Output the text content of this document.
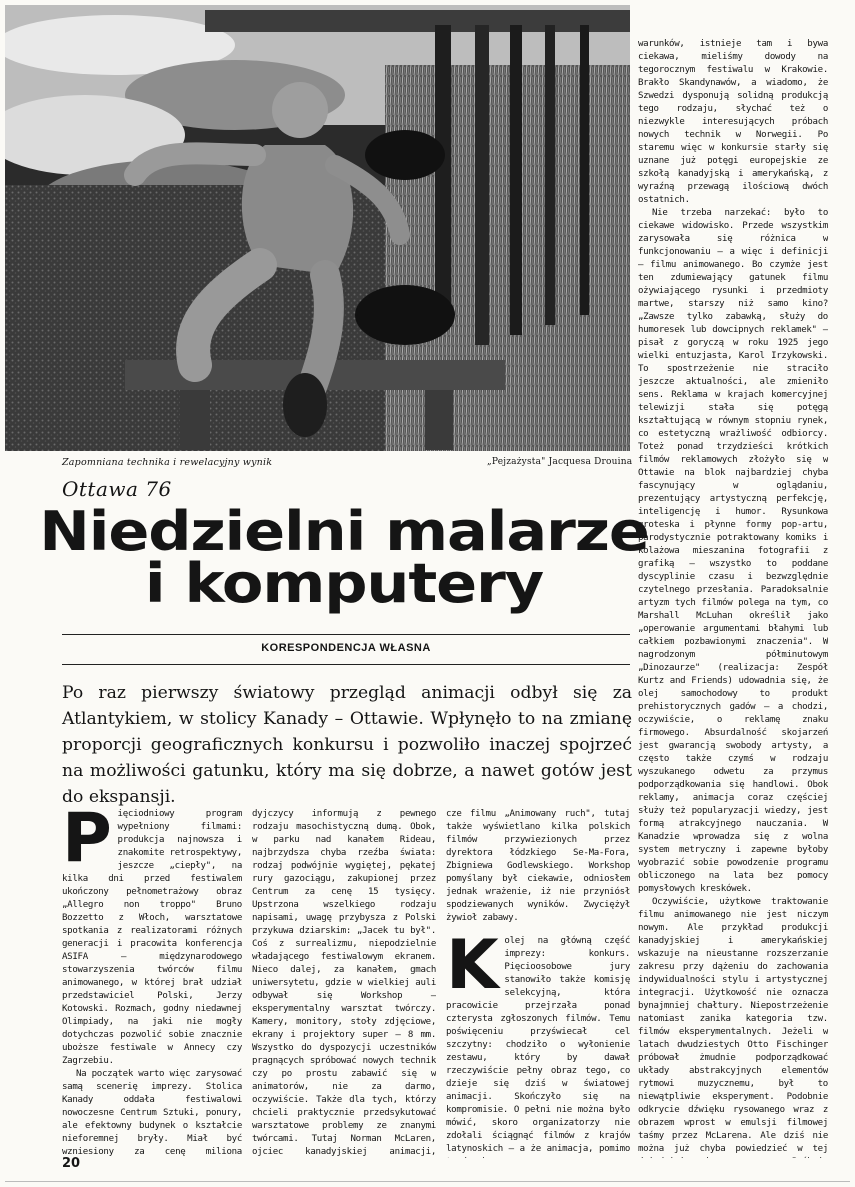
Zapomniana technika i rewelacyjny wynik	„Pejzażysta" Jacquesa Drouina
Ottawa 76
Niedzielni malarze
i komputery
KORESPONDENCJA WŁASNA
Po raz pierwszy światowy przegląd animacji odbył się za Atlantykiem, w stolicy Kanady – Ottawie. Wpłynęło to na zmianę proporcji geograficznych konkursu i pozwoliło inaczej spojrzeć na możliwości gatunku, który ma się dobrze, a nawet gotów jest do ekspansji.
P ięciodniowy program wypełniony filmami: produkcja najnowsza i znakomite retrospektywy, jeszcze „ciepły", na kilka dni przed festiwalem ukończony pełnometrażowy obraz „Allegro non troppo" Bruno Bozzetto z Włoch, warsztatowe spotkania z realizatorami różnych generacji i pracowita konferencja ASIFA – międzynarodowego stowarzyszenia twórców filmu animowanego, w której brał udział przedstawiciel Polski, Jerzy Kotowski. Rozmach, godny niedawnej Olimpiady, na jaki nie mogły dotychczas pozwolić sobie znacznie uboższe festiwale w Annecy czy Zagrzebiu.

Na początek warto więc zarysować samą scenerię imprezy. Stolica Kanady oddała festiwalowi nowoczesne Centrum Sztuki, ponury, ale efektowny budynek o kształcie nieforemnej bryły. Miał być wzniesiony za cenę miliona

dyjczycy informują z pewnego rodzaju masochistyczną dumą. Obok, w parku nad kanałem Rideau, najbrzydsza chyba rzeźba świata: rodzaj podwójnie wygiętej, pękatej rury gazociągu, zakupionej przez Centrum za cenę 15 tysięcy. Upstrzona wszelkiego rodzaju napisami, uwagę przybysza z Polski przykuwa dziarskim: „Jacek tu był". Coś z surrealizmu, niepodzielnie władającego festiwalowym ekranem. Nieco dalej, za kanałem, gmach uniwersytetu, gdzie w wielkiej auli odbywał się Workshop – eksperymentalny warsztat twórczy. Kamery, monitory, stoły zdjęciowe, ekrany i projektory super – 8 mm. Wszystko do dyspozycji uczestników pragnących spróbować nowych technik czy po prostu zabawić się w animatorów, nie za darmo, oczywiście. Także dla tych, którzy chcieli praktycznie przedsykutować warsztatowe problemy ze znanymi twórcami. Tutaj Norman McLaren, ojciec kanadyjskiej animacji,

cze filmu „Animowany ruch", tutaj także wyświetlano kilka polskich filmów przywiezionych przez dyrektora łódzkiego Se-Ma-Fora, Zbigniewa Godlewskiego. Workshop pomyślany był ciekawie, odniosłem jednak wrażenie, iż nie przyniósł spodziewanych wyników. Zwyciężył żywioł zabawy.

K olej na główną część imprezy: konkurs. Pięcioosobowe jury stanowiło także komisję selekcyjną, która pracowicie przejrzała ponad czterysta zgłoszonych filmów. Temu poświęceniu przyświecał cel szczytny: chodziło o wyłonienie zestawu, który by dawał rzeczywiście pełny obraz tego, co dzieje się dziś w światowej animacji. Skończyło się na kompromisie. O pełni nie można było mówić, skoro organizatorzy nie zdołali ściągnąć filmów z krajów latynoskich – a że animacja, pomimo

warunków, istnieje tam i bywa ciekawa, mieliśmy dowody na tegorocznym festiwalu w Krakowie. Brakło Skandynawów, a wiadomo, że Szwedzi dysponują solidną produkcją tego rodzaju, słychać też o niezwykle interesujących próbach nowych technik w Norwegii. Po staremu więc w konkursie starły się uznane już potęgi europejskie ze szkołą kanadyjską i amerykańską, z wyraźną przewagą ilościową dwóch ostatnich.

Nie trzeba narzekać: było to ciekawe widowisko. Przede wszystkim zarysowała się różnica w funkcjonowaniu – a więc i definicji – filmu animowanego. Bo czymże jest ten zdumiewający gatunek filmu ożywiającego rysunki i przedmioty martwe, starszy niż samo kino? „Zawsze tylko zabawką, służy do humoresek lub dowcipnych reklamek" – pisał z goryczą w roku 1925 jego wielki entuzjasta, Karol Irzykowski. To spostrzeżenie nie straciło jeszcze aktualności, ale zmieniło sens. Reklama w krajach komercyjnej telewizji stała się potęgą kształtującą w równym stopniu rynek, co estetyczną wrażliwość odbiorcy. Toteż ponad trzydzieści krótkich filmów reklamowych złożyło się w Ottawie na blok najbardziej chyba fascynujący w oglądaniu, prezentujący artystyczną perfekcję, inteligencję i humor. Rysunkowa groteska i płynne formy pop-artu, parodystycznie potraktowany komiks i kolażowa mieszanina fotografii z grafiką – wszystko to poddane dyscyplinie czasu i bezwzględnie czytelnego przesłania. Paradoksalnie artyzm tych filmów polega na tym, co Marshall McLuhan określił jako „operowanie argumentami błahymi lub całkiem pozbawionymi znaczenia". W nagrodzonym półminutowym „Dinozaurze" (realizacja: Zespół Kurtz and Friends) udowadnia się, że olej samochodowy to produkt prehistorycznych gadów – a chodzi, oczywiście, o reklamę znaku firmowego. Absurdalność skojarzeń jest gwarancją swobody artysty, a często także czymś w rodzaju wyszukanego odwetu za przymus podporządkowania się handlowi. Obok reklamy, animacja coraz częściej służy też popularyzacji wiedzy, jest formą atrakcyjnego nauczania. W Kanadzie wprowadza się z wolna system metryczny i zapewne byłoby wyobrazić sobie powodzenie programu obliczonego na lata bez pomocy pomysłowych kreskówek.

Oczywiście, użytkowe traktowanie filmu animowanego nie jest niczym nowym. Ale przykład produkcji kanadyjskiej i amerykańskiej wskazuje na nieustanne rozszerzanie zakresu przy dążeniu do zachowania indywidualności stylu i artystycznej integracji. Użytkowość nie oznacza bynajmniej chałtury. Niepostrzeżenie natomiast zanika kategoria tzw. filmów eksperymentalnych. Jeżeli w latach dwudziestych Otto Fischinger próbował żmudnie podporządkować układy abstrakcyjnych elementów rytmowi muzycznemu, był to niewątpliwie eksperyment. Podobnie odkrycie dźwięku rysowanego wraz z obrazem wprost w emulsji filmowej taśmy przez McLarena. Ale dziś nie można już chyba powiedzieć w tej

20
